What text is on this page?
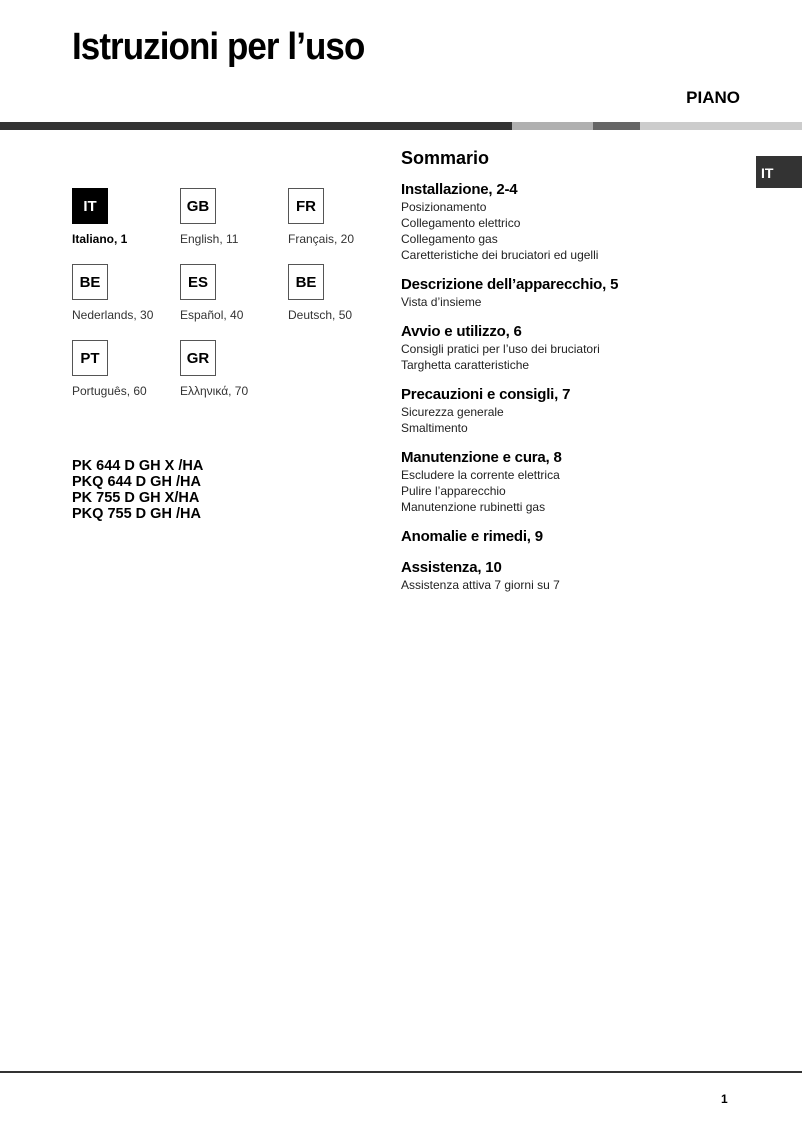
Istruzioni per l’uso
PIANO
IT
IT
Italiano, 1
GB
English, 11
FR
Français, 20
BE
Nederlands, 30
ES
Español, 40
BE
Deutsch, 50
PT
Português, 60
GR
Ελληνικά, 70
PK 644 D GH X /HA
PKQ 644 D GH /HA
PK 755 D GH X/HA
PKQ 755 D GH /HA
Sommario
Installazione, 2-4
Posizionamento
Collegamento elettrico
Collegamento gas
Caretteristiche dei bruciatori ed ugelli
Descrizione dell’apparecchio, 5
Vista d’insieme
Avvio e utilizzo, 6
Consigli pratici per l’uso dei bruciatori
Targhetta caratteristiche
Precauzioni e consigli, 7
Sicurezza generale
Smaltimento
Manutenzione e cura, 8
Escludere la corrente elettrica
Pulire l’apparecchio
Manutenzione rubinetti gas
Anomalie e rimedi, 9
Assistenza, 10
Assistenza attiva 7 giorni su 7
1
